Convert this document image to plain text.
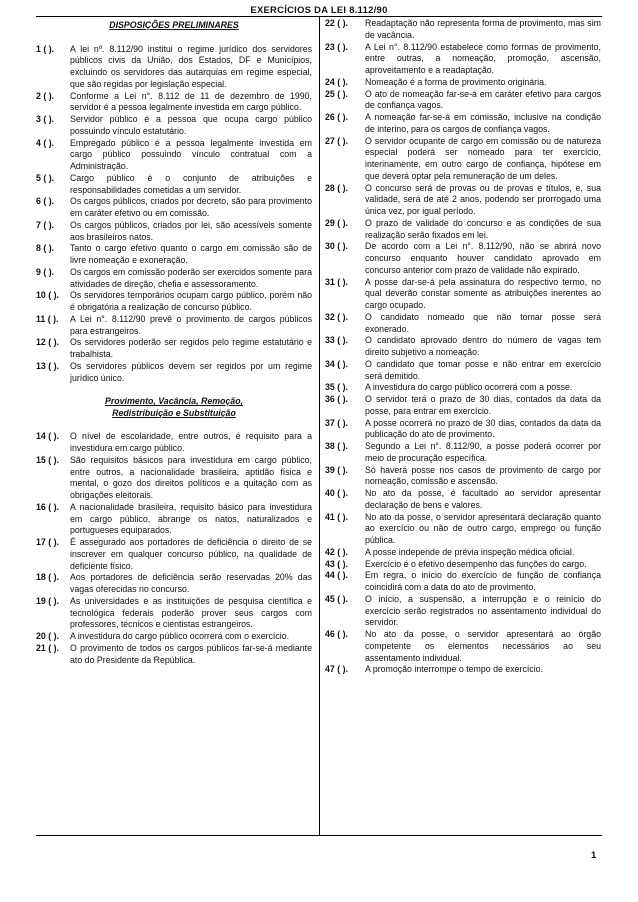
EXERCÍCIOS DA LEI 8.112/90
DISPOSIÇÕES PRELIMINARES
1 ( ). A lei nº. 8.112/90 institui o regime jurídico dos servidores públicos civis da União, dos Estados, DF e Municípios, excluindo os servidores das autarquias em regime especial, que são regidas por legislação especial.
2 ( ). Conforme a Lei n°. 8.112 de 11 de dezembro de 1990, servidor é a pessoa legalmente investida em cargo público.
3 ( ). Servidor público é a pessoa que ocupa cargo público possuindo vínculo estatutário.
4 ( ). Empregado público é a pessoa legalmente investida em cargo público possuindo vínculo contratual com a Administração.
5 ( ). Cargo público é o conjunto de atribuições e responsabilidades cometidas a um servidor.
6 ( ). Os cargos públicos, criados por decreto, são para provimento em caráter efetivo ou em comissão.
7 ( ). Os cargos públicos, criados por lei, são acessíveis somente aos brasileiros natos.
8 ( ). Tanto o cargo efetivo quanto o cargo em comissão são de livre nomeação e exoneração.
9 ( ). Os cargos em comissão poderão ser exercidos somente para atividades de direção, chefia e assessoramento.
10 ( ). Os servidores temporários ocupam cargo público, porém não é obrigatória a realização de concurso público.
11 ( ). A Lei n°. 8.112/90 prevê o provimento de cargos públicos para estrangeiros.
12 ( ). Os servidores poderão ser regidos pelo regime estatutário e trabalhista.
13 ( ). Os servidores públicos devem ser regidos por um regime jurídico único.
Provimento, Vacância, Remoção,
Redistribuição e Substituição
14 ( ). O nível de escolaridade, entre outros, é requisito para a investidura em cargo público.
15 ( ). São requisitos básicos para investidura em cargo público, entre outros, a nacionalidade brasileira, aptidão física e mental, o gozo dos direitos políticos e a quitação com as obrigações eleitorais.
16 ( ). A nacionalidade brasileira, requisito básico para investidura em cargo público, abrange os natos, naturalizados e portugueses equiparados.
17 ( ). É assegurado aos portadores de deficiência o direito de se inscrever em qualquer concurso público, na qualidade de deficiente físico.
18 ( ). Aos portadores de deficiência serão reservadas 20% das vagas oferecidas no concurso.
19 ( ). As universidades e as instituições de pesquisa científica e tecnológica federais poderão prover seus cargos com professores, técnicos e cientistas estrangeiros.
20 ( ). A investidura do cargo público ocorrerá com o exercício.
21 ( ). O provimento de todos os cargos públicos far-se-á mediante ato do Presidente da República.
22 ( ). Readaptação não representa forma de provimento, mas sim de vacância.
23 ( ). A Lei n°. 8.112/90 estabelece como formas de provimento, entre outras, a nomeação, promoção, ascensão, aproveitamento e a readaptação.
24 ( ). Nomeação é a forma de provimento originária.
25 ( ). O ato de nomeação far-se-á em caráter efetivo para cargos de confiança vagos.
26 ( ). A nomeação far-se-á em comissão, inclusive na condição de interino, para os cargos de confiança vagos.
27 ( ). O servidor ocupante de cargo em comissão ou de natureza especial poderá ser nomeado para ter exercício, interinamente, em outro cargo de confiança, hipótese em que deverá optar pela remuneração de um deles.
28 ( ). O concurso será de provas ou de provas e títulos, e, sua validade, será de até 2 anos, podendo ser prorrogado uma única vez, por igual período.
29 ( ). O prazo de validade do concurso e as condições de sua realização serão fixados em lei.
30 ( ). De acordo com a Lei n°. 8.112/90, não se abrirá novo concurso enquanto houver candidato aprovado em concurso anterior com prazo de validade não expirado.
31 ( ). A posse dar-se-á pela assinatura do respectivo termo, no qual deverão constar somente as atribuições inerentes ao cargo ocupado.
32 ( ). O candidato nomeado que não tomar posse será exonerado.
33 ( ). O candidato aprovado dentro do número de vagas tem direito subjetivo a nomeação.
34 ( ). O candidato que tomar posse e não entrar em exercício será demitido.
35 ( ). A investidura do cargo público ocorrerá com a posse.
36 ( ). O servidor terá o prazo de 30 dias, contados da data da posse, para entrar em exercício.
37 ( ). A posse ocorrerá no prazo de 30 dias, contados da data da publicação do ato de provimento.
38 ( ). Segundo a Lei n°. 8.112/90, a posse poderá ocorrer por meio de procuração específica.
39 ( ). Só haverá posse nos casos de provimento de cargo por nomeação, comissão e ascensão.
40 ( ). No ato da posse, é facultado ao servidor apresentar declaração de bens e valores.
41 ( ). No ato da posse, o servidor apresentará declaração quanto ao exercício ou não de outro cargo, emprego ou função pública.
42 ( ). A posse independe de prévia inspeção médica oficial.
43 ( ). Exercício é o efetivo desempenho das funções do cargo.
44 ( ). Em regra, o início do exercício de função de confiança coincidirá com a data do ato de provimento.
45 ( ). O início, a suspensão, a interrupção e o reinício do exercício serão registrados no assentamento individual do servidor.
46 ( ). No ato da posse, o servidor apresentará ao órgão competente os elementos necessários ao seu assentamento individual.
47 ( ). A promoção interrompe o tempo de exercício.
1
